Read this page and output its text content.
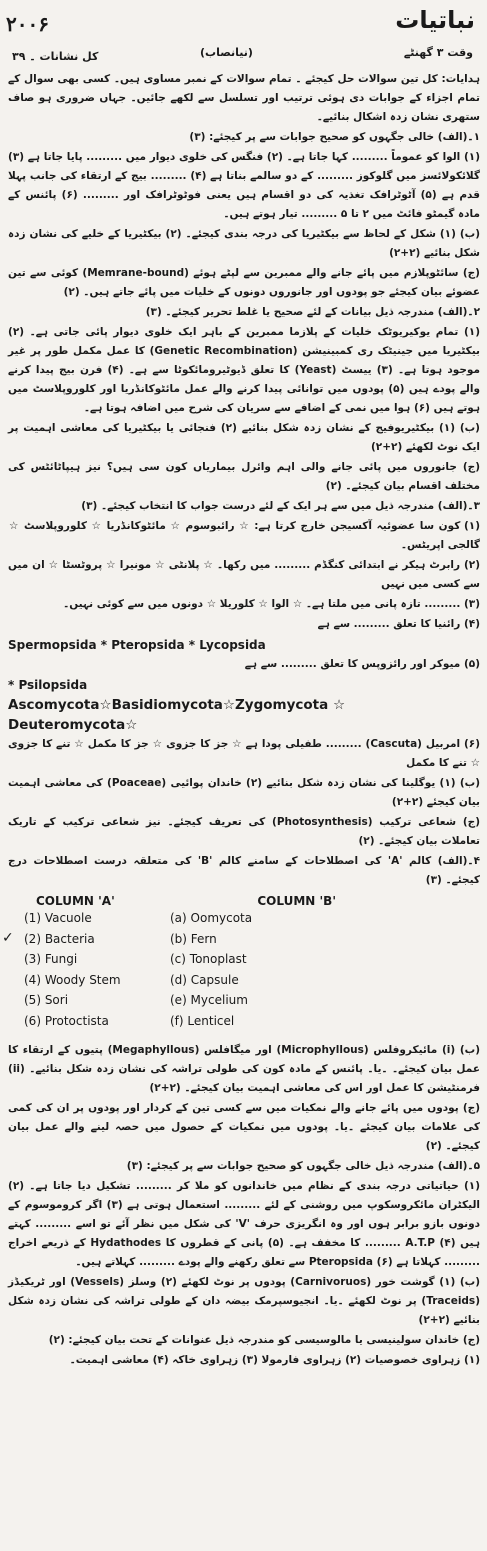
۲۰۰۶	نباتیات
وقت ۳ گھنٹے
(نیانصاب)
کل نشانات ۔ ۳۹

ہدایات: کل تین سوالات حل کیجئے ۔ تمام سوالات کے نمبر مساوی ہیں۔ کسی بھی سوال کے تمام اجزاء کے جوابات دی ہوئی ترتیب اور تسلسل سے لکھے جائیں۔ جہاں ضروری ہو صاف ستھری نشان زدہ اشکال بنائیے۔

۱۔(الف) خالی جگہوں کو صحیح جوابات سے پر کیجئے: (۳)

(۱) الوا کو عموماً ......... کہا جاتا ہے۔ (۲) فنگس کی خلوی دیوار میں ......... پایا جاتا ہے (۳) گلائکولائسز میں گلوکوز ......... کے دو سالمے بناتا ہے (۴) ......... بیج کے ارتقاء کی جانب پہلا قدم ہے (۵) آٹوٹرافک تغذیہ کی دو اقسام ہیں یعنی فوٹوٹرافک اور ......... (۶) پائنس کے مادہ گیمٹو فائٹ میں ۲ تا ۵ ......... تیار ہوتے ہیں۔

(ب) (۱) شکل کے لحاظ سے بیکٹیریا کی درجہ بندی کیجئے۔ (۲) بیکٹیریا کے خلیے کی نشان زدہ شکل بنائیے (۲+۲)

(ج) سائٹوپلازم میں پائے جانے والے ممبرین سے لپٹے ہوئے (Memrane-bound) کوئی سے تین عضوئے بیان کیجئے جو پودوں اور جانوروں دونوں کے خلیات میں پائے جاتے ہیں۔ (۲)

۲۔(الف) مندرجہ ذیل بیانات کے لئے صحیح یا غلط تحریر کیجئے۔ (۳)

(۱) تمام یوکیریوٹک خلیات کے پلازما ممبرین کے باہر ایک خلوی دیوار پائی جاتی ہے۔ (۲) بیکٹیریا میں جینیٹک ری کمبینیشن (Genetic Recombination) کا عمل مکمل طور پر غیر موجود ہوتا ہے۔ (۳) ییسٹ (Yeast) کا تعلق ڈیوٹیرومائکوٹا سے ہے۔ (۴) فرن بیج پیدا کرنے والے پودے ہیں (۵) پودوں میں توانائی پیدا کرنے والے عمل مائٹوکانڈریا اور کلوروپلاسٹ میں ہوتے ہیں (۶) ہوا میں نمی کے اضافے سے سریان کی شرح میں اضافہ ہوتا ہے۔

(ب) (۱) بیکٹیریوفیج کے نشان زدہ شکل بنائیے (۲) فنجائی یا بیکٹیریا کی معاشی اہمیت پر ایک نوٹ لکھئے (۲+۲)

(ج) جانوروں میں پائی جانے والی اہم وائرل بیماریاں کون سی ہیں؟ نیز ہیپاٹائٹس کی مختلف اقسام بیان کیجئے۔ (۲)

۳۔(الف) مندرجہ ذیل میں سے ہر ایک کے لئے درست جواب کا انتخاب کیجئے۔ (۳)

(۱) کون سا عضوئیہ آکسیجن خارج کرتا ہے: ☆ رائبوسوم ☆ مائٹوکانڈریا ☆ کلوروپلاسٹ ☆ گالجی اپریٹس۔

(۲) رابرٹ ہیکر نے ابتدائی کنگڈم ......... میں رکھا۔ ☆ پلانٹی ☆ مونیرا ☆ پروٹسٹا ☆ ان میں سے کسی میں نہیں

(۳) ......... تازہ پانی میں ملتا ہے۔ ☆ الوا ☆ کلوریلا ☆ دونوں میں سے کوئی نہیں۔

(۴) رائنیا کا تعلق ......... سے ہے

Spermopsida * Pteropsida * Lycopsida

(۵) میوکر اور رائزوپس کا تعلق ......... سے ہے

* Psilopsida

Ascomycota☆Basidiomycota☆Zygomycota ☆

Deuteromycota☆

(۶) امربیل (Cascuta) ......... طفیلی پودا ہے ☆ جز کا جزوی ☆ جز کا مکمل ☆ تنے کا جزوی ☆ تنے کا مکمل

(ب) (۱) یوگلینا کی نشان زدہ شکل بنائیے (۲) خاندان پوائیی (Poaceae) کی معاشی اہمیت بیان کیجئے (۲+۲)

(ج) شعاعی ترکیب (Photosynthesis) کی تعریف کیجئے۔ نیز شعاعی ترکیب کے تاریک تعاملات بیان کیجئے۔ (۲)

۴۔(الف) کالم 'A' کی اصطلاحات کے سامنے کالم 'B' کی متعلقہ درست اصطلاحات درج کیجئے۔ (۳)

COLUMN 'A'	COLUMN 'B'
(1) Vacuole	(a) Oomycota
(2) Bacteria	(b) Fern
(3) Fungi	(c) Tonoplast
(4) Woody Stem	(d) Capsule
(5) Sori	(e) Mycelium
(6) Protoctista	(f) Lenticel

(ب) (i) مائیکروفلس (Microphyllous) اور میگافلس (Megaphyllous) پتیوں کے ارتقاء کا عمل بیان کیجئے۔ ۔یا۔ پائنس کے مادہ کون کی طولی تراشہ کی نشان زدہ شکل بنائیے۔ (ii) فرمنٹیشن کا عمل اور اس کی معاشی اہمیت بیان کیجئے۔ (۲+۲)

(ج) پودوں میں پائے جانے والے نمکیات میں سے کسی تین کے کردار اور پودوں پر ان کی کمی کی علامات بیان کیجئے ۔یا۔ پودوں میں نمکیات کے حصول میں حصہ لینے والے عمل بیان کیجئے۔ (۲)

۵۔(الف) مندرجہ ذیل خالی جگہوں کو صحیح جوابات سے پر کیجئے: (۳)

(۱) حیاتیاتی درجہ بندی کے نظام میں خاندانوں کو ملا کر ......... تشکیل دیا جاتا ہے۔ (۲) الیکٹران مائکروسکوپ میں روشنی کے لئے ......... استعمال ہوتی ہے (۳) اگر کروموسوم کے دونوں بازو برابر ہوں اور وہ انگریزی حرف 'V' کی شکل میں نظر آئے تو اسے ......... کہتے ہیں (۴) A.T.P ......... کا مخفف ہے۔ (۵) پانی کے قطروں کا Hydathodes کے ذریعے اخراج ......... کہلاتا ہے (۶) Pteropsida سے تعلق رکھنے والے پودے ......... کہلاتے ہیں۔

(ب) (۱) گوشت خور (Carnivoruos) پودوں پر نوٹ لکھئے (۲) وسلز (Vessels) اور ٹریکیڈز (Traceids) پر نوٹ لکھئے ۔یا۔ انجیوسپرمک بیضہ دان کے طولی تراشہ کی نشان زدہ شکل بنائیے (۲+۲)

(ج) خاندان سولینیسی یا مالوسیسی کو مندرجہ ذیل عنوانات کے تحت بیان کیجئے: (۲)

(۱) زہراوی خصوصیات (۲) زہراوی فارمولا (۳) زہراوی خاکہ (۴) معاشی اہمیت۔

✓
